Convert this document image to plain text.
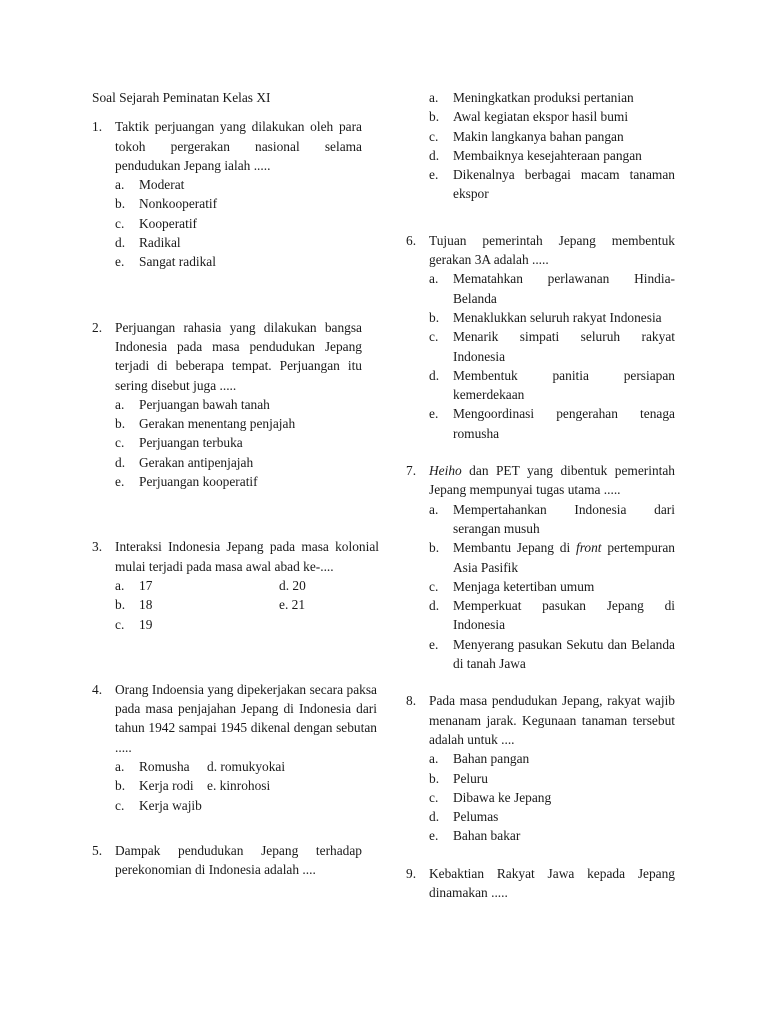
Soal Sejarah Peminatan Kelas XI
1. Taktik perjuangan yang dilakukan oleh para tokoh pergerakan nasional selama pendudukan Jepang ialah .....
a.	Moderat
b.	Nonkooperatif
c.	Kooperatif
d.	Radikal
e.	Sangat radikal
2. Perjuangan rahasia yang dilakukan bangsa Indonesia pada masa pendudukan Jepang terjadi di beberapa tempat. Perjuangan itu sering disebut juga .....
a.	Perjuangan bawah tanah
b.	Gerakan menentang penjajah
c.	Perjuangan terbuka
d.	Gerakan antipenjajah
e.	Perjuangan kooperatif
3. Interaksi Indonesia Jepang pada masa kolonial mulai terjadi pada masa awal abad ke-....
a.	17	d. 20
b.	18	e. 21
c.	19
4. Orang Indoensia yang dipekerjakan secara paksa pada masa penjajahan Jepang di Indonesia dari tahun 1942 sampai 1945 dikenal dengan sebutan .....
a.	Romusha d. romukyokai
b.	Kerja rodi e. kinrohosi
c.	Kerja wajib
5. Dampak pendudukan Jepang terhadap perekonomian di Indonesia adalah ....
a.	Meningkatkan produksi pertanian
b.	Awal kegiatan ekspor hasil bumi
c.	Makin langkanya bahan pangan
d.	Membaiknya kesejahteraan pangan
e.	Dikenalnya berbagai macam tanaman ekspor
6. Tujuan pemerintah Jepang membentuk gerakan 3A adalah .....
a.	Mematahkan perlawanan Hindia-Belanda
b.	Menaklukkan seluruh rakyat Indonesia
c.	Menarik simpati seluruh rakyat Indonesia
d.	Membentuk panitia persiapan kemerdekaan
e.	Mengoordinasi pengerahan tenaga romusha
7. Heiho dan PET yang dibentuk pemerintah Jepang mempunyai tugas utama .....
a.	Mempertahankan Indonesia dari serangan musuh
b.	Membantu Jepang di front pertempuran Asia Pasifik
c.	Menjaga ketertiban umum
d.	Memperkuat pasukan Jepang di Indonesia
e.	Menyerang pasukan Sekutu dan Belanda di tanah Jawa
8. Pada masa pendudukan Jepang, rakyat wajib menanam jarak. Kegunaan tanaman tersebut adalah untuk ....
a.	Bahan pangan
b.	Peluru
c.	Dibawa ke Jepang
d.	Pelumas
e.	Bahan bakar
9. Kebaktian Rakyat Jawa kepada Jepang dinamakan .....
